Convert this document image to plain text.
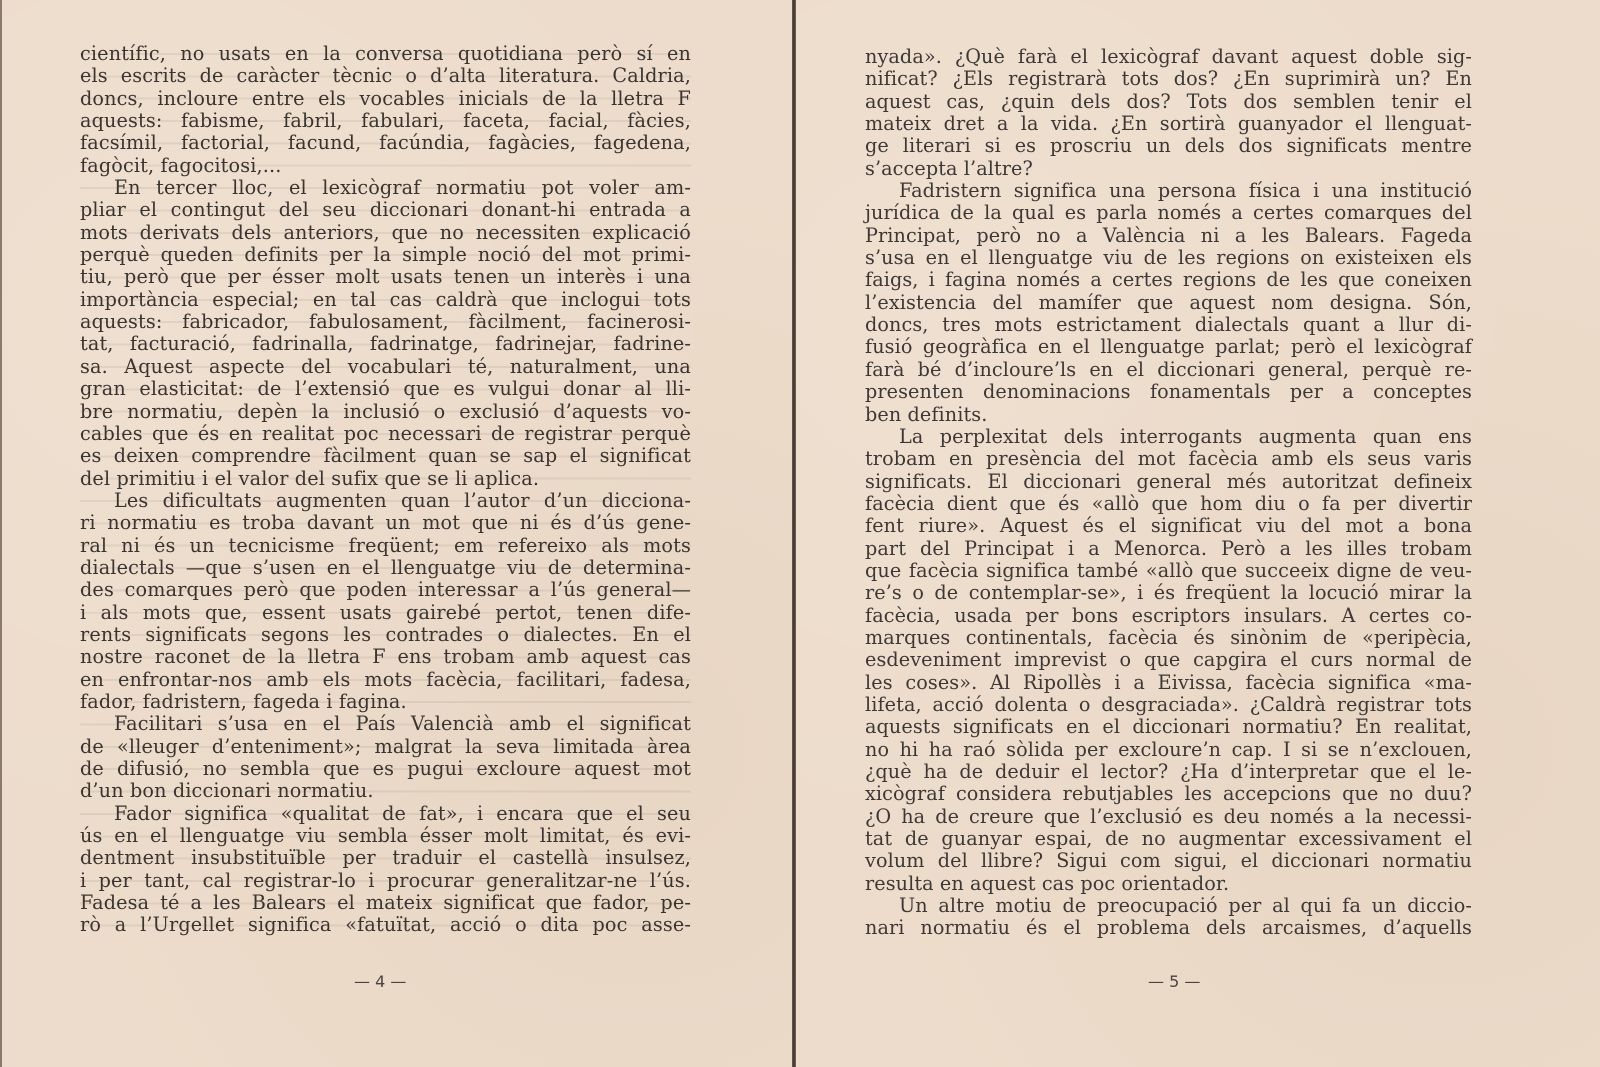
científic, no usats en la conversa quotidiana però sí en
els escrits de caràcter tècnic o d’alta literatura. Caldria,
doncs, incloure entre els vocables inicials de la lletra F
aquests: fabisme, fabril, fabulari, faceta, facial, fàcies,
facsímil, factorial, facund, facúndia, fagàcies, fagedena,
fagòcit, fagocitosi,...
En tercer lloc, el lexicògraf normatiu pot voler am-
pliar el contingut del seu diccionari donant-hi entrada a
mots derivats dels anteriors, que no necessiten explicació
perquè queden definits per la simple noció del mot primi-
tiu, però que per ésser molt usats tenen un interès i una
importància especial; en tal cas caldrà que inclogui tots
aquests: fabricador, fabulosament, fàcilment, facinerosi-
tat, facturació, fadrinalla, fadrinatge, fadrinejar, fadrine-
sa. Aquest aspecte del vocabulari té, naturalment, una
gran elasticitat: de l’extensió que es vulgui donar al lli-
bre normatiu, depèn la inclusió o exclusió d’aquests vo-
cables que és en realitat poc necessari de registrar perquè
es deixen comprendre fàcilment quan se sap el significat
del primitiu i el valor del sufix que se li aplica.
Les dificultats augmenten quan l’autor d’un dicciona-
ri normatiu es troba davant un mot que ni és d’ús gene-
ral ni és un tecnicisme freqüent; em refereixo als mots
dialectals —que s’usen en el llenguatge viu de determina-
des comarques però que poden interessar a l’ús general—
i als mots que, essent usats gairebé pertot, tenen dife-
rents significats segons les contrades o dialectes. En el
nostre raconet de la lletra F ens trobam amb aquest cas
en enfrontar-nos amb els mots facècia, facilitari, fadesa,
fador, fadristern, fageda i fagina.
Facilitari s’usa en el País Valencià amb el significat
de «lleuger d’enteniment»; malgrat la seva limitada àrea
de difusió, no sembla que es pugui excloure aquest mot
d’un bon diccionari normatiu.
Fador significa «qualitat de fat», i encara que el seu
ús en el llenguatge viu sembla ésser molt limitat, és evi-
dentment insubstituïble per traduir el castellà insulsez,
i per tant, cal registrar-lo i procurar generalitzar-ne l’ús.
Fadesa té a les Balears el mateix significat que fador, pe-
rò a l’Urgellet significa «fatuïtat, acció o dita poc asse-
— 4 —
nyada». ¿Què farà el lexicògraf davant aquest doble sig-
nificat? ¿Els registrarà tots dos? ¿En suprimirà un? En
aquest cas, ¿quin dels dos? Tots dos semblen tenir el
mateix dret a la vida. ¿En sortirà guanyador el llenguat-
ge literari si es proscriu un dels dos significats mentre
s’accepta l’altre?
Fadristern significa una persona física i una institució
jurídica de la qual es parla només a certes comarques del
Principat, però no a València ni a les Balears. Fageda
s’usa en el llenguatge viu de les regions on existeixen els
faigs, i fagina només a certes regions de les que coneixen
l’existencia del mamífer que aquest nom designa. Són,
doncs, tres mots estrictament dialectals quant a llur di-
fusió geogràfica en el llenguatge parlat; però el lexicògraf
farà bé d’incloure’ls en el diccionari general, perquè re-
presenten denominacions fonamentals per a conceptes
ben definits.
La perplexitat dels interrogants augmenta quan ens
trobam en presència del mot facècia amb els seus varis
significats. El diccionari general més autoritzat defineix
facècia dient que és «allò que hom diu o fa per divertir
fent riure». Aquest és el significat viu del mot a bona
part del Principat i a Menorca. Però a les illes trobam
que facècia significa també «allò que succeeix digne de veu-
re’s o de contemplar-se», i és freqüent la locució mirar la
facècia, usada per bons escriptors insulars. A certes co-
marques continentals, facècia és sinònim de «peripècia,
esdeveniment imprevist o que capgira el curs normal de
les coses». Al Ripollès i a Eivissa, facècia significa «ma-
lifeta, acció dolenta o desgraciada». ¿Caldrà registrar tots
aquests significats en el diccionari normatiu? En realitat,
no hi ha raó sòlida per excloure’n cap. I si se n’exclouen,
¿què ha de deduir el lector? ¿Ha d’interpretar que el le-
xicògraf considera rebutjables les accepcions que no duu?
¿O ha de creure que l’exclusió es deu només a la necessi-
tat de guanyar espai, de no augmentar excessivament el
volum del llibre? Sigui com sigui, el diccionari normatiu
resulta en aquest cas poc orientador.
Un altre motiu de preocupació per al qui fa un diccio-
nari normatiu és el problema dels arcaismes, d’aquells
— 5 —
